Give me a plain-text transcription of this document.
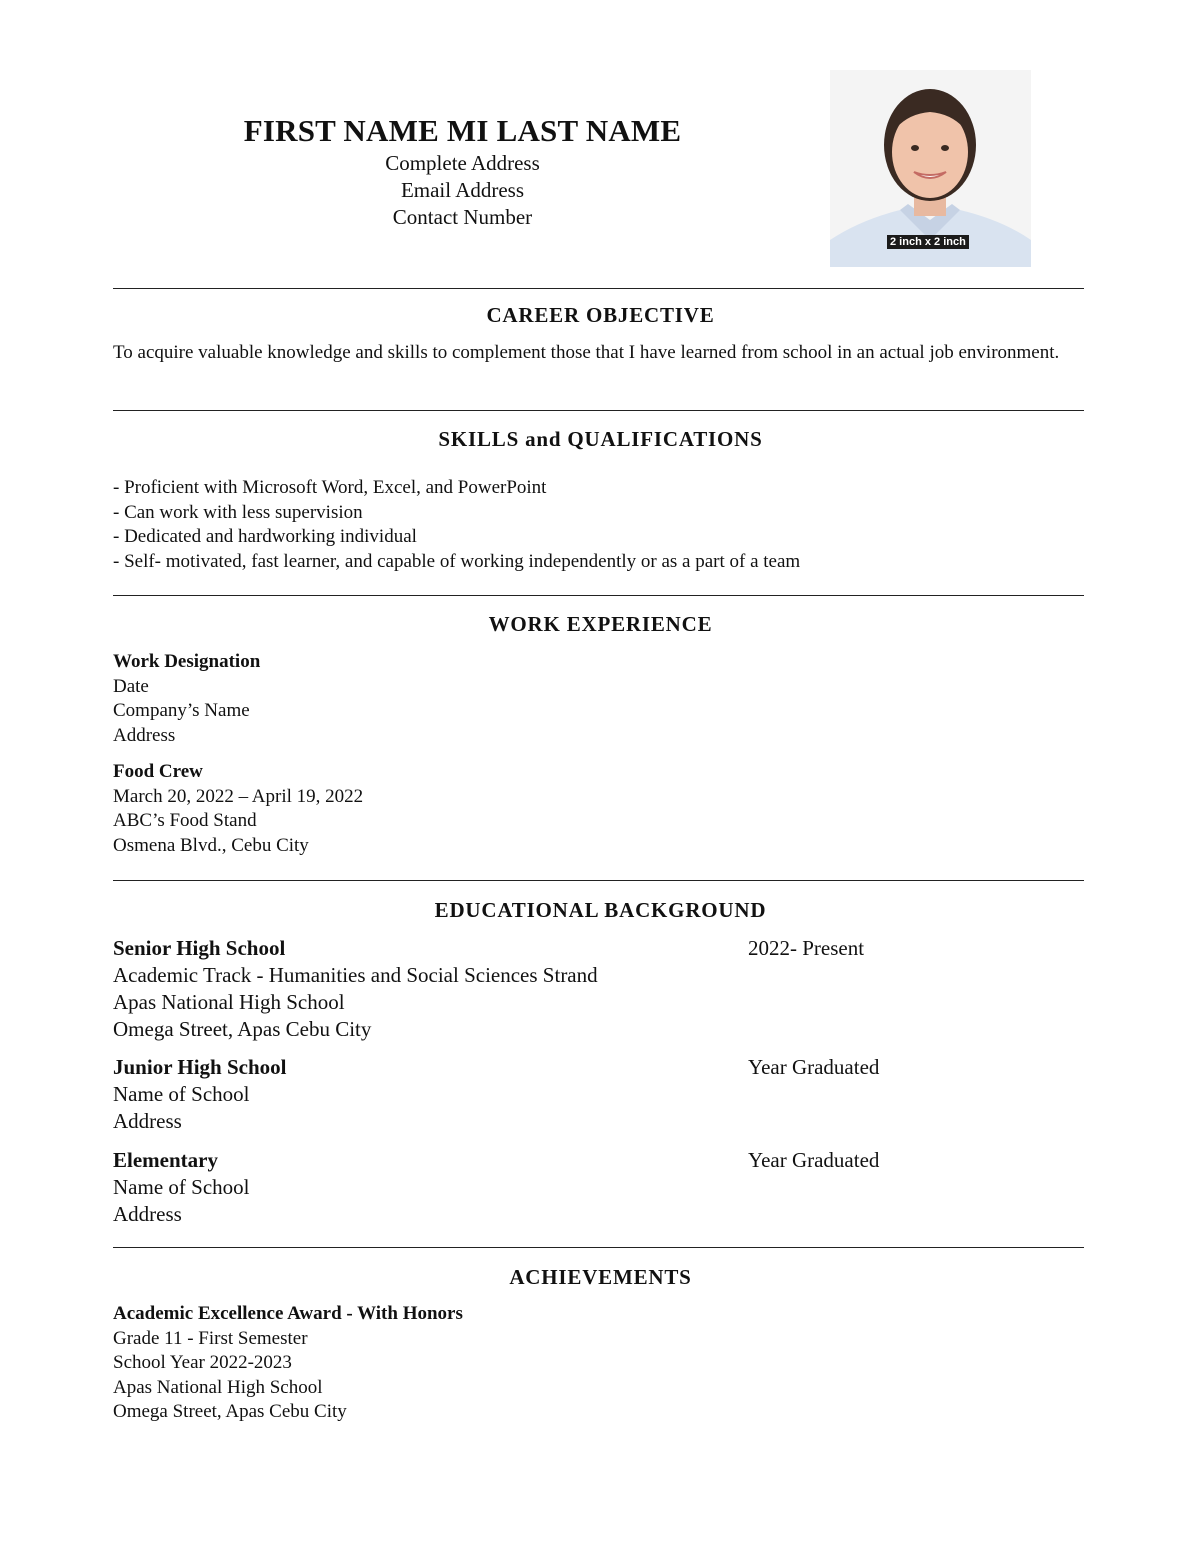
FIRST NAME MI LAST NAME
Complete Address
Email Address
Contact Number
2 inch x 2 inch
CAREER OBJECTIVE
To acquire valuable knowledge and skills to complement those that I have learned from school in an actual job environment.
SKILLS and QUALIFICATIONS
- Proficient with Microsoft Word, Excel, and PowerPoint
- Can work with less supervision
- Dedicated and hardworking individual
- Self- motivated, fast learner, and capable of working independently or as a part of a team
WORK EXPERIENCE
Work Designation
Date
Company’s Name
Address
Food Crew
March 20, 2022 – April 19, 2022
ABC’s Food Stand
Osmena Blvd., Cebu City
EDUCATIONAL BACKGROUND
Senior High School
Academic Track - Humanities and Social Sciences Strand
Apas National High School
Omega Street, Apas Cebu City
2022- Present
Junior High School
Name of School
Address
Year Graduated
Elementary
Name of School
Address
Year Graduated
ACHIEVEMENTS
Academic Excellence Award - With Honors
Grade 11 - First Semester
School Year 2022-2023
Apas National High School
Omega Street, Apas Cebu City
